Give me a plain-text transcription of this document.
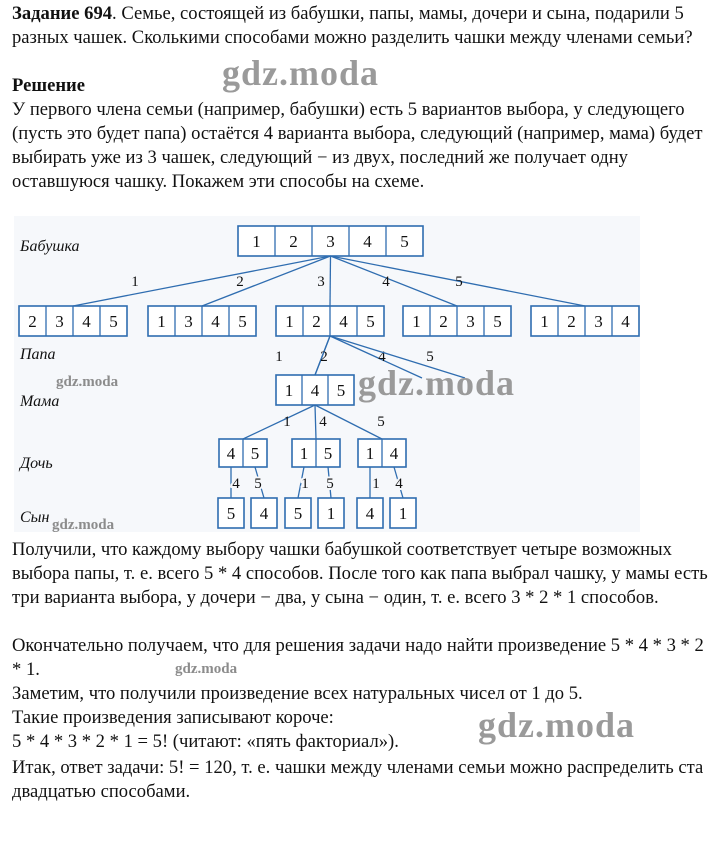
Задание 694. Семье, состоящей из бабушки, папы, мамы, дочери и сына, подарили 5 разных чашек. Сколькими способами можно разделить чашки между членами семьи?

Решение

У первого члена семьи (например, бабушки) есть 5 вариантов выбора, у следующего (пусть это будет папа) остаётся 4 варианта выбора, следующий (например, мама) будет выбирать уже из 3 чашек, следующий − из двух, последний же получает одну оставшуюся чашку. Покажем эти способы на схеме.

Бабушка
Папа
Мама
Дочь
Сын
1 2 3 4 5
2 3 4 5 1 3 4 5 1 2 4 5 1 2 3 5 1 2 3 4
1	2	3	4	5
1 4 5
1	2	4	5
4 5 1 5 1 4
1 4	5
5 4 5 1 4 1
4 5	1 5	1 4

Получили, что каждому выбору чашки бабушкой соответствует четыре возможных выбора папы, т. е. всего 5 * 4 способов. После того как папа выбрал чашку, у мамы есть три варианта выбора, у дочери − два, у сына − один, т. е. всего 3 * 2 * 1 способов.

Окончательно получаем, что для решения задачи надо найти произведение 5 * 4 * 3 * 2 * 1.

Заметим, что получили произведение всех натуральных чисел от 1 до 5.

Такие произведения записывают короче:

5 * 4 * 3 * 2 * 1 = 5! (читают: «пять факториал»).

Итак, ответ задачи: 5! = 120, т. е. чашки между членами семьи можно распределить ста двадцатью способами.

gdz.moda
gdz.moda
gdz.moda
gdz.moda
gdz.moda
gdz.moda
